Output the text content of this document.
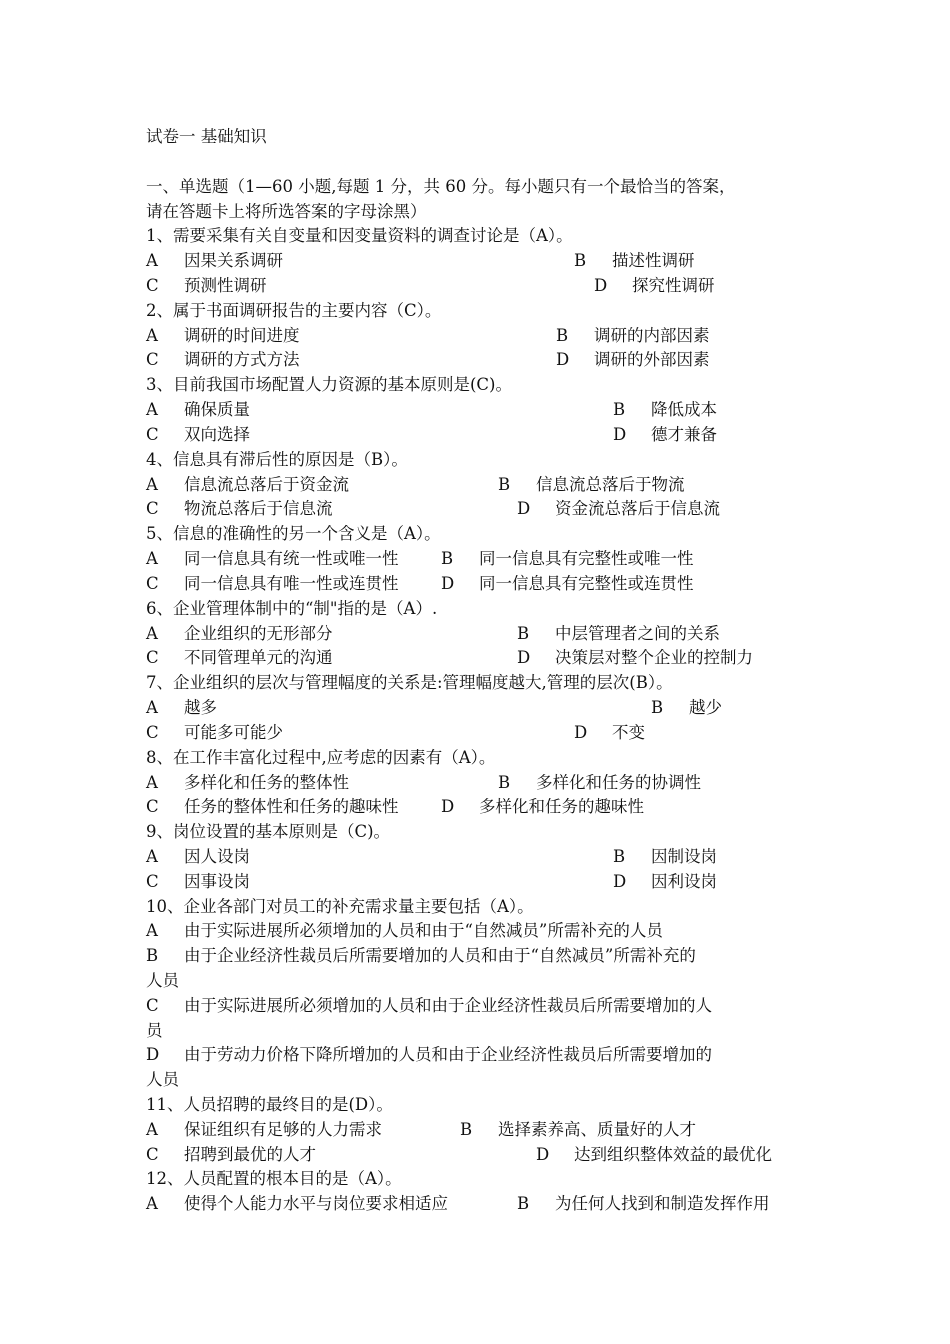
试卷一 基础知识
一、单选题（1—60 小题,每题 1 分，共 60 分。每小题只有一个最恰当的答案，
请在答题卡上将所选答案的字母涂黑）
1、需要采集有关自变量和因变量资料的调查讨论是（A）。
A 因果关系调研	B 描述性调研
C 预测性调研	D 探究性调研
2、属于书面调研报告的主要内容（C）。
A 调研的时间进度	B 调研的内部因素
C 调研的方式方法	D 调研的外部因素
3、目前我国市场配置人力资源的基本原则是(C)。
A 确保质量	B 降低成本
C 双向选择	D 德才兼备
4、信息具有滞后性的原因是（B）。
A 信息流总落后于资金流	B 信息流总落后于物流
C 物流总落后于信息流	D 资金流总落后于信息流
5、信息的准确性的另一个含义是（A）。
A 同一信息具有统一性或唯一性	B 同一信息具有完整性或唯一性
C 同一信息具有唯一性或连贯性	D 同一信息具有完整性或连贯性
6、企业管理体制中的“制"指的是（A）.
A 企业组织的无形部分	B 中层管理者之间的关系
C 不同管理单元的沟通	D 决策层对整个企业的控制力
7、企业组织的层次与管理幅度的关系是:管理幅度越大,管理的层次(B）。
A 越多	B 越少
C 可能多可能少	D 不变
8、在工作丰富化过程中,应考虑的因素有（A）。
A 多样化和任务的整体性	B 多样化和任务的协调性
C 任务的整体性和任务的趣味性	D 多样化和任务的趣味性
9、岗位设置的基本原则是（C)。
A 因人设岗	B 因制设岗
C 因事设岗	D 因利设岗
10、企业各部门对员工的补充需求量主要包括（A）。
A 由于实际进展所必须增加的人员和由于“自然减员”所需补充的人员
B 由于企业经济性裁员后所需要增加的人员和由于“自然减员”所需补充的
人员
C 由于实际进展所必须增加的人员和由于企业经济性裁员后所需要增加的人
员
D 由于劳动力价格下降所增加的人员和由于企业经济性裁员后所需要增加的
人员
11、人员招聘的最终目的是(D）。
A 保证组织有足够的人力需求	B 选择素养高、质量好的人才
C 招聘到最优的人才	D 达到组织整体效益的最优化
12、人员配置的根本目的是（A）。
A 使得个人能力水平与岗位要求相适应	B 为任何人找到和制造发挥作用
